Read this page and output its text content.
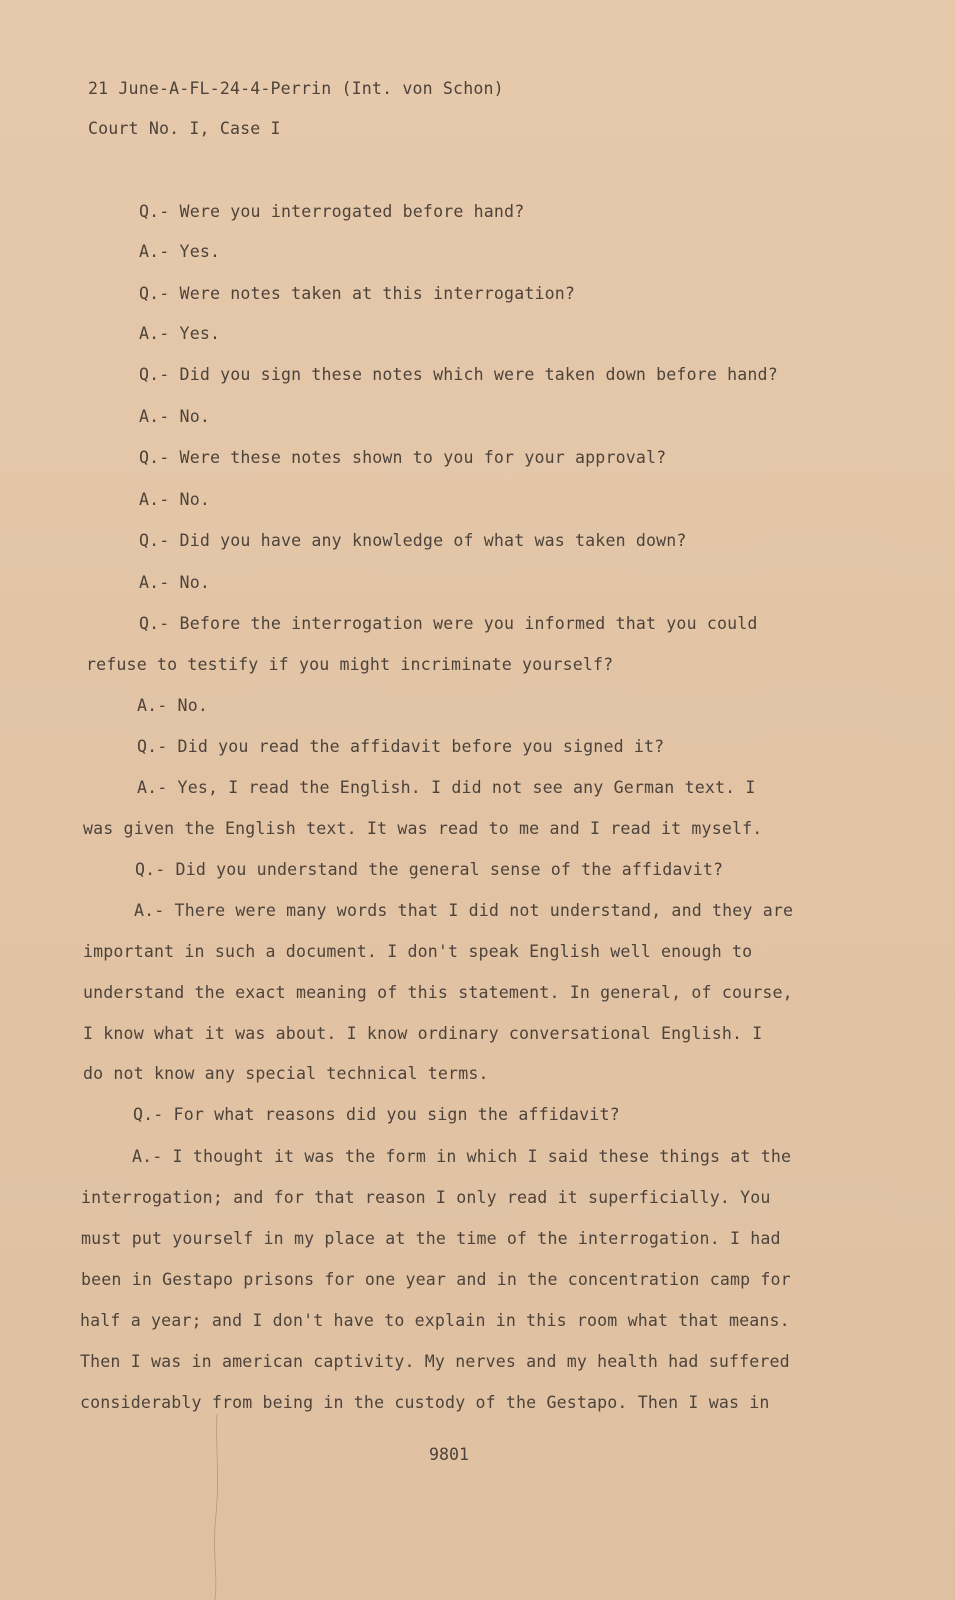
21 June-A-FL-24-4-Perrin (Int. von Schon)
Court No. I, Case I
Q.- Were you interrogated before hand?
A.- Yes.
Q.- Were notes taken at this interrogation?
A.- Yes.
Q.- Did you sign these notes which were taken down before hand?
A.- No.
Q.- Were these notes shown to you for your approval?
A.- No.
Q.- Did you have any knowledge of what was taken down?
A.- No.
Q.- Before the interrogation were you informed that you could
refuse to testify if you might incriminate yourself?
A.- No.
Q.- Did you read the affidavit before you signed it?
A.- Yes, I read the English. I did not see any German text. I
was given the English text. It was read to me and I read it myself.
Q.- Did you understand the general sense of the affidavit?
A.- There were many words that I did not understand, and they are
important in such a document. I don't speak English well enough to
understand the exact meaning of this statement. In general, of course,
I know what it was about. I know ordinary conversational English. I
do not know any special technical terms.
Q.- For what reasons did you sign the affidavit?
A.- I thought it was the form in which I said these things at the
interrogation; and for that reason I only read it superficially. You
must put yourself in my place at the time of the interrogation. I had
been in Gestapo prisons for one year and in the concentration camp for
half a year; and I don't have to explain in this room what that means.
Then I was in american captivity. My nerves and my health had suffered
considerably from being in the custody of the Gestapo. Then I was in
9801
